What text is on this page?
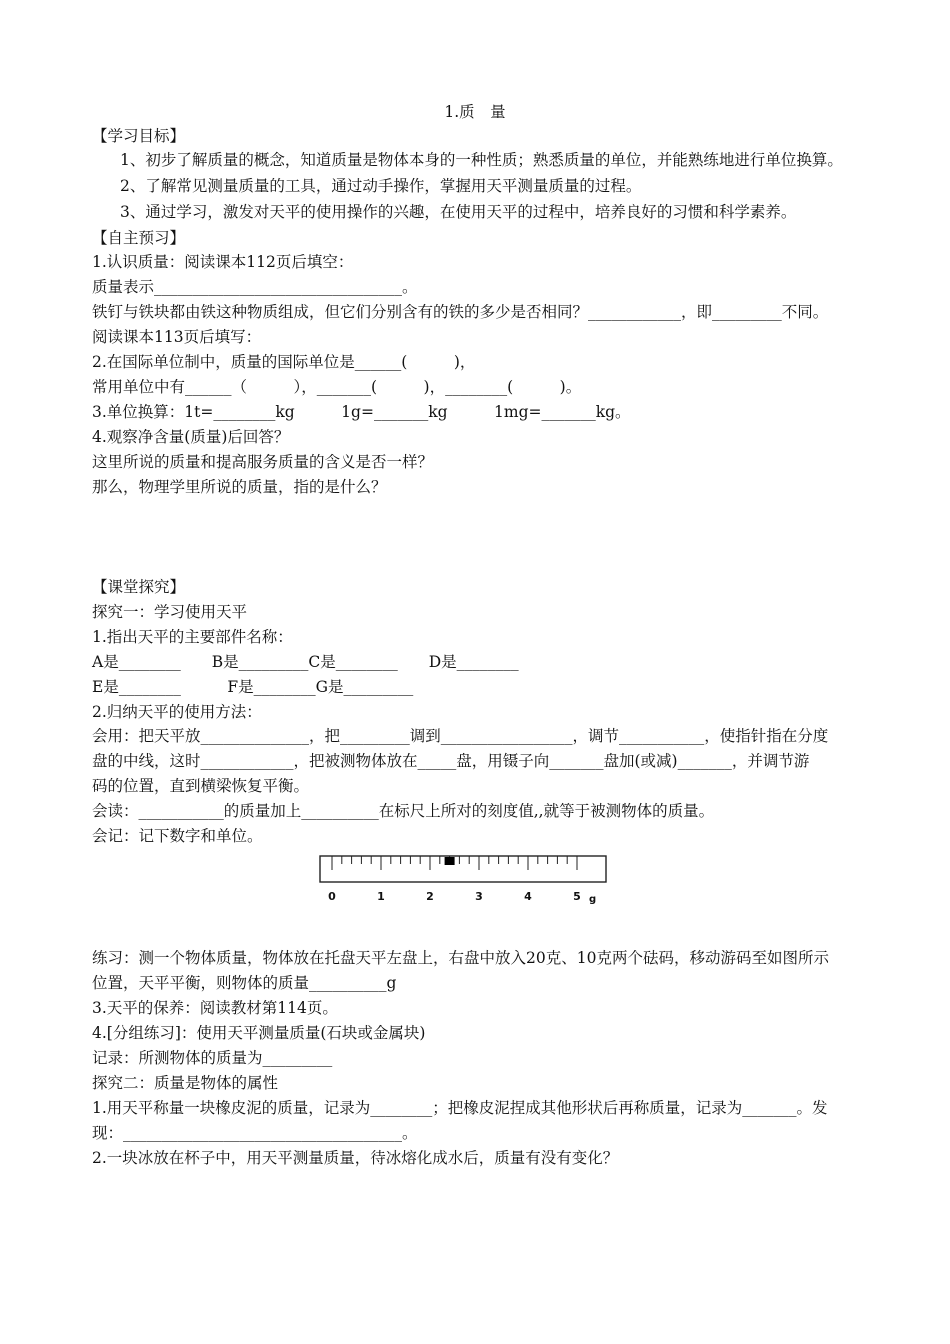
1.质　量
【学习目标】
1、初步了解质量的概念，知道质量是物体本身的一种性质；熟悉质量的单位，并能熟练地进行单位换算。
2、了解常见测量质量的工具，通过动手操作，掌握用天平测量质量的过程。
3、通过学习，激发对天平的使用操作的兴趣，在使用天平的过程中，培养良好的习惯和科学素养。
【自主预习】
1.认识质量：阅读课本112页后填空：
质量表示________________________________。
铁钉与铁块都由铁这种物质组成，但它们分别含有的铁的多少是否相同？____________，即_________不同。
阅读课本113页后填写：
2.在国际单位制中，质量的国际单位是______(　　　)，
常用单位中有______（　　　），_______(　　　)，________(　　　)。
3.单位换算：1t=________kg　　　1g=_______kg　　　1mg=_______kg。
4.观察净含量(质量)后回答？
这里所说的质量和提高服务质量的含义是否一样？
那么，物理学里所说的质量，指的是什么？
【课堂探究】
探究一：学习使用天平
1.指出天平的主要部件名称：
A是________　　B是_________C是________　　D是________
E是________　　　F是________G是_________
2.归纳天平的使用方法：
会用：把天平放______________，把_________调到_________________，调节___________，使指针指在分度
盘的中线，这时____________，把被测物体放在_____盘，用镊子向_______盘加(或减)_______，并调节游
码的位置，直到横梁恢复平衡。
会读：___________的质量加上__________在标尺上所对的刻度值,,就等于被测物体的质量。
会记：记下数字和单位。
0	1	2	3	4	5 g
练习：测一个物体质量，物体放在托盘天平左盘上，右盘中放入20克、10克两个砝码，移动游码至如图所示
位置，天平平衡，则物体的质量__________g
3.天平的保养：阅读教材第114页。
4.[分组练习]：使用天平测量质量(石块或金属块)
记录：所测物体的质量为_________
探究二：质量是物体的属性
1.用天平称量一块橡皮泥的质量，记录为________；把橡皮泥捏成其他形状后再称质量，记录为_______。发
现：____________________________________。
2.一块冰放在杯子中，用天平测量质量，待冰熔化成水后，质量有没有变化？
